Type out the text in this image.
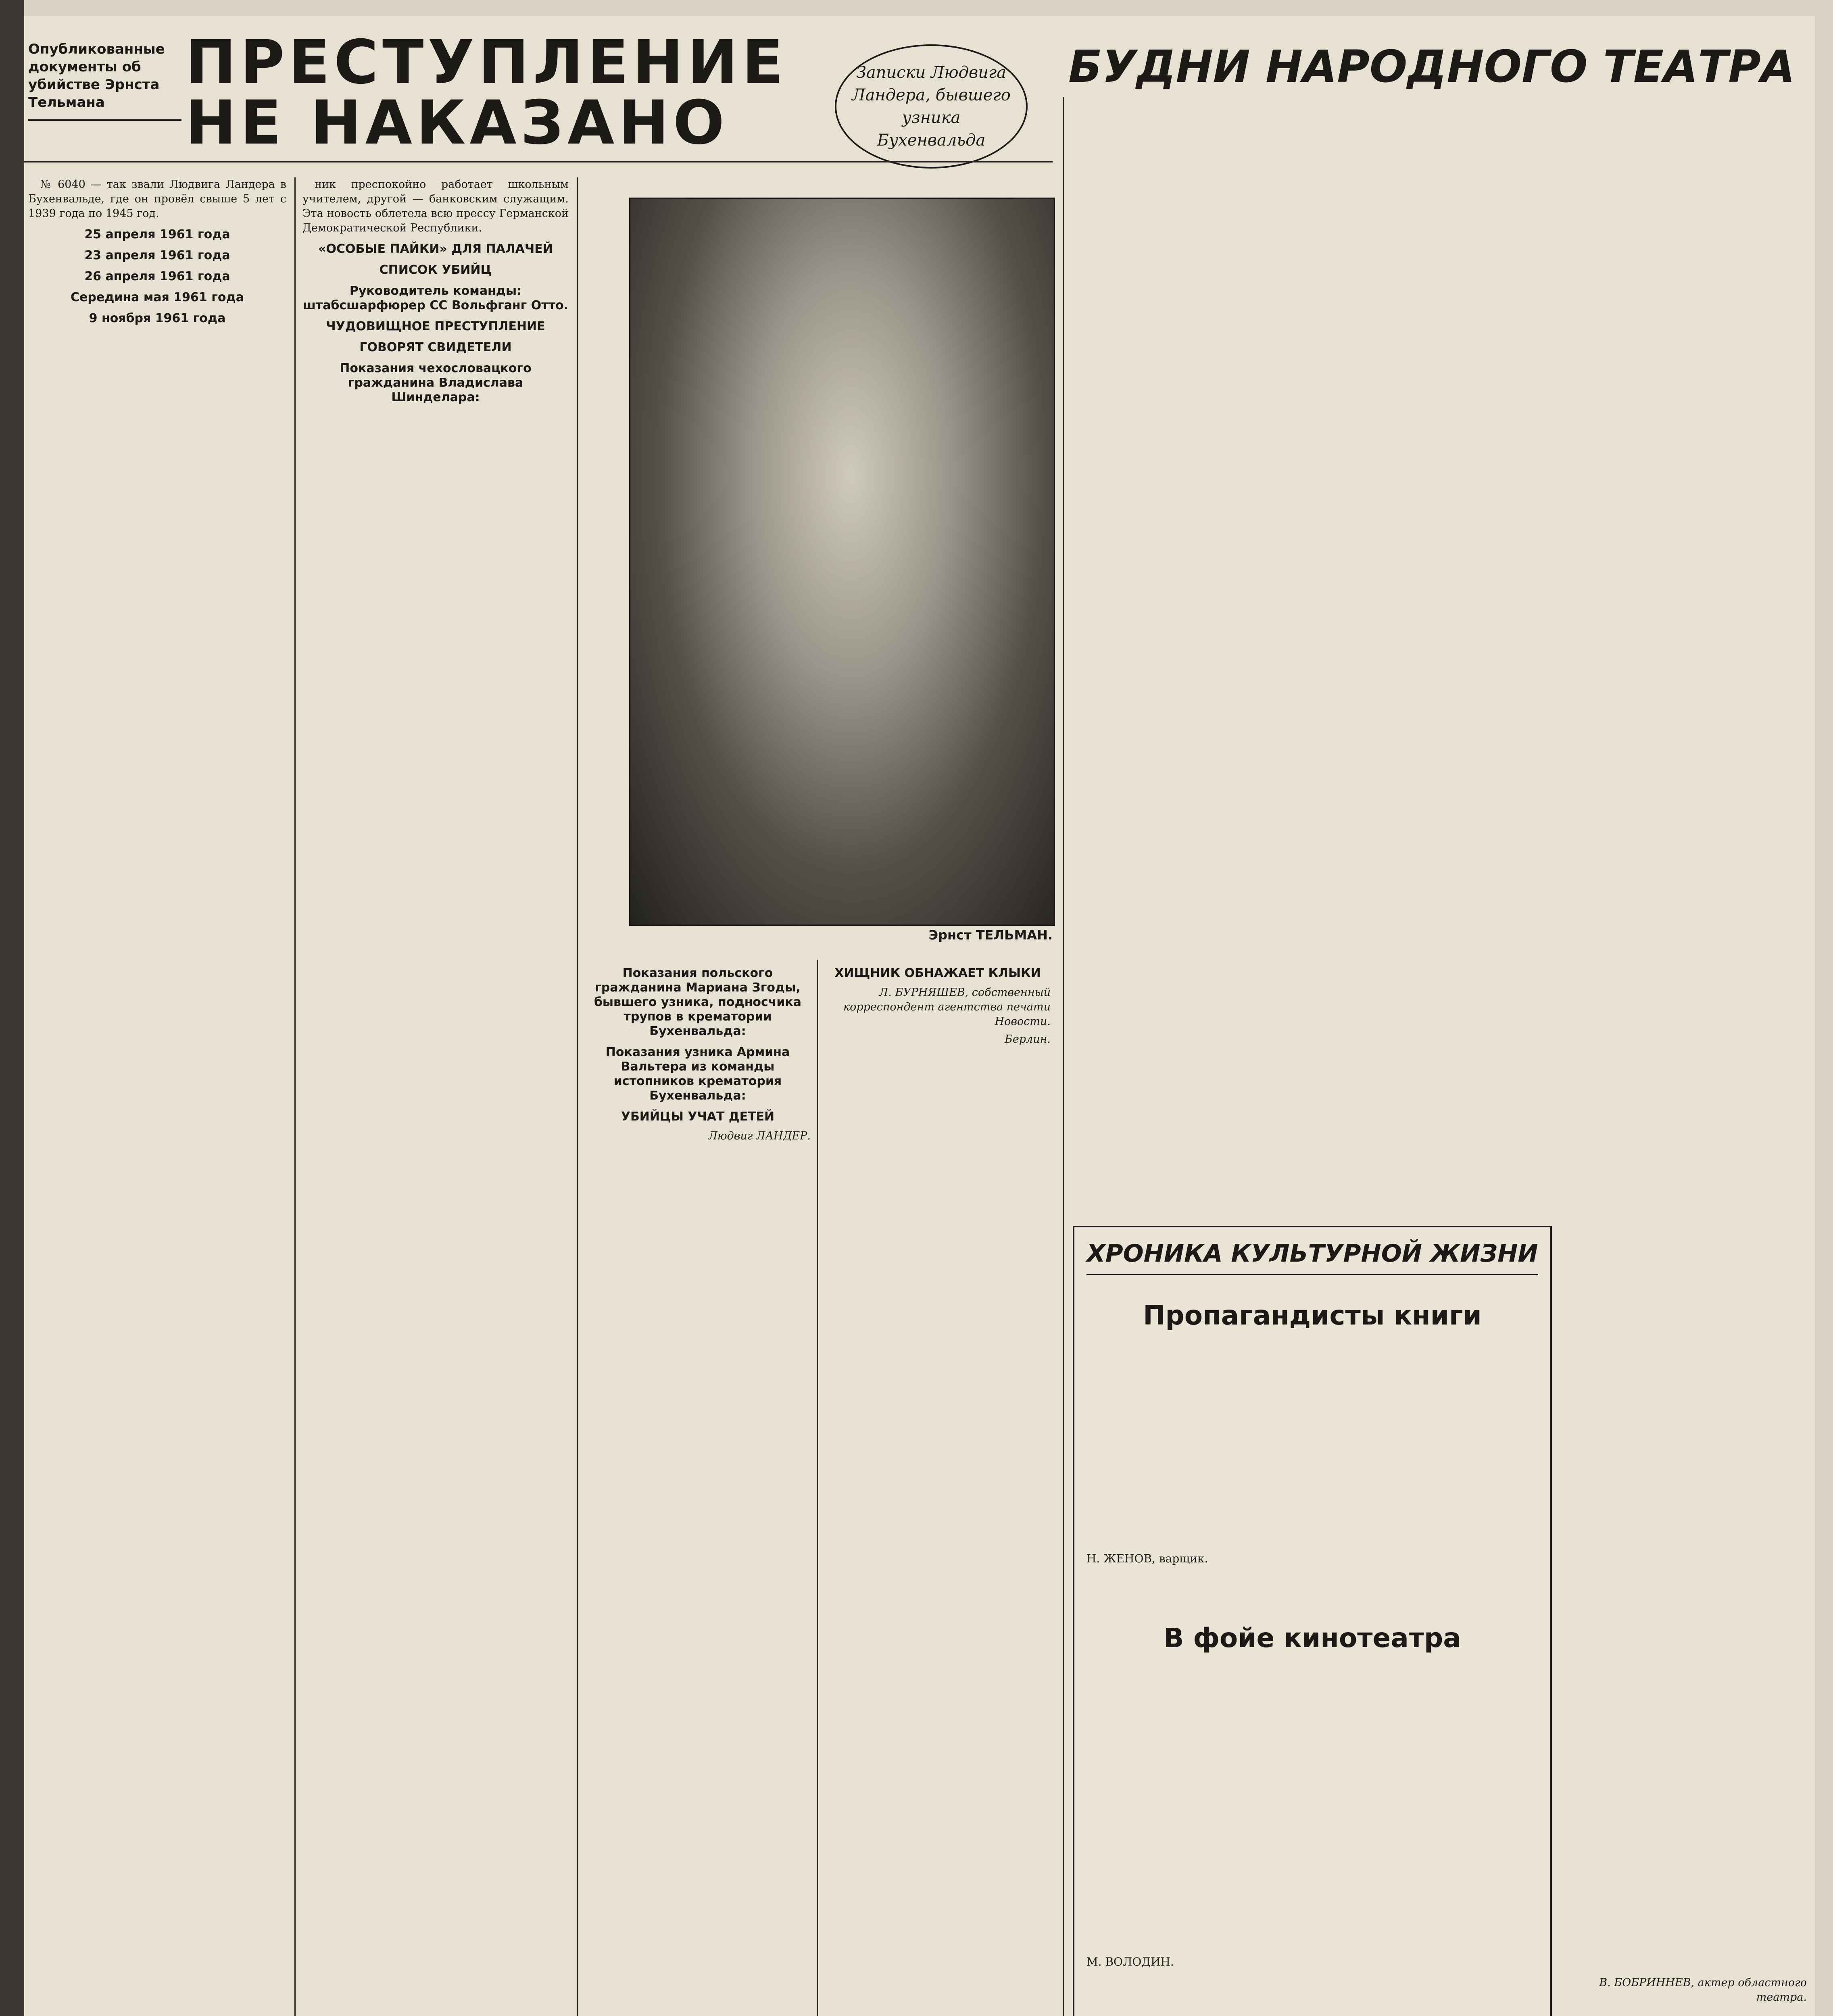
Опубликованные документы об убийстве Эрнста Тельмана
ПРЕСТУПЛЕНИЕ
НЕ НАКАЗАНО
Записки Людвига Ландера, бывшего узника Бухенвальда
БУДНИ НАРОДНОГО ТЕАТРА

№ 6040 — так звали Людвига Ландера в Бухенвальде, где он провёл свыше 5 лет с 1939 года по 1945 год.

25 апреля 1961 года
23 апреля 1961 года
26 апреля 1961 года
Середина мая 1961 года
9 ноября 1961 года

ник преспокойно работает школьным учителем, другой — банковским служащим. Эта новость облетела всю прессу Германской Демократической Республики.

«ОСОБЫЕ ПАЙКИ» ДЛЯ ПАЛАЧЕЙ
СПИСОК УБИЙЦ
Руководитель команды: штабсшарфюрер СС Вольфганг Отто.
ЧУДОВИЩНОЕ ПРЕСТУПЛЕНИЕ
ГОВОРЯТ СВИДЕТЕЛИ
Показания чехословацкого гражданина Владислава Шинделара:
Эрнст ТЕЛЬМАН.
Показания польского гражданина Мариана Згоды, бывшего узника, подносчика трупов в крематории Бухенвальда:
Показания узника Армина Вальтера из команды истопников крематория Бухенвальда:
УБИЙЦЫ УЧАТ ДЕТЕЙ

Людвиг ЛАНДЕР.

ХИЩНИК ОБНАЖАЕТ КЛЫКИ

Л. БУРНЯШЕВ, собственный корреспондент агентства печати Новости.

Берлин.

В. БОБРИННЕВ, актер областного театра.

ХРОНИКА КУЛЬТУРНОЙ ЖИЗНИ
Пропагандисты книги

Н. ЖЕНОВ, варщик.

В фойе кинотеатра

М. ВОЛОДИН.
